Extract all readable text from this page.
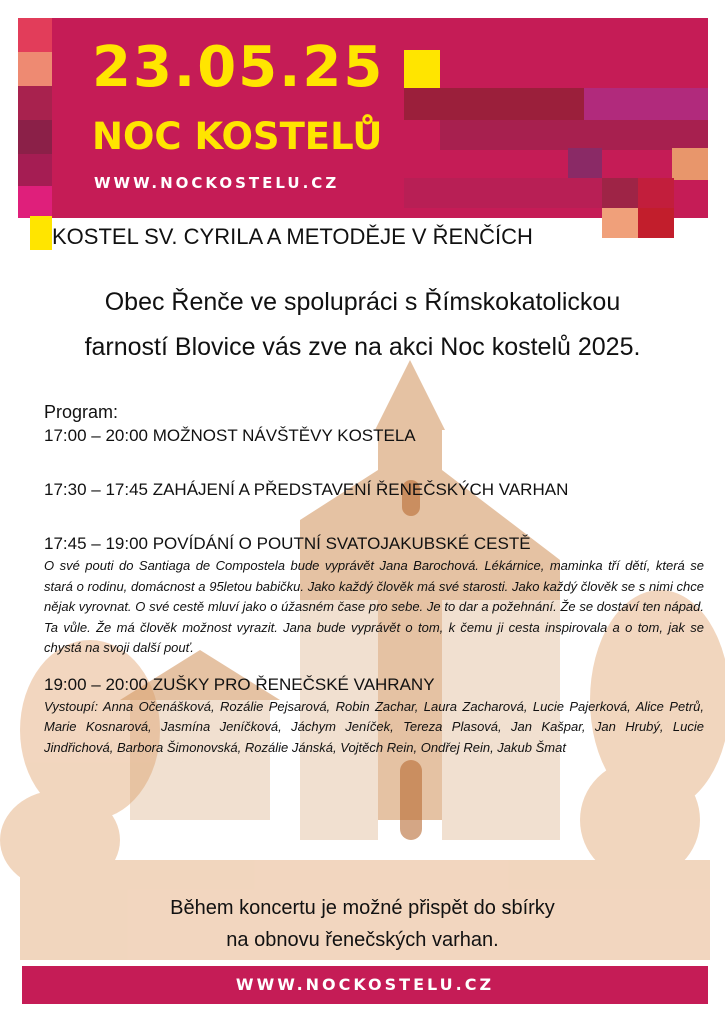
23.05.25
NOC KOSTELŮ
WWW.NOCKOSTELU.CZ
KOSTEL SV. CYRILA A METODĚJE V ŘENČÍCH
Obec Řenče ve spolupráci s Římskokatolickou
farností Blovice vás zve na akci Noc kostelů 2025.
Program:
17:00 – 20:00 MOŽNOST NÁVŠTĚVY KOSTELA
17:30 – 17:45 ZAHÁJENÍ A PŘEDSTAVENÍ ŘENEČSKÝCH VARHAN
17:45 – 19:00 POVÍDÁNÍ O POUTNÍ SVATOJAKUBSKÉ CESTĚ
O své pouti do Santiaga de Compostela bude vyprávět Jana Barochová. Lékárnice, maminka tří dětí, která se stará o rodinu, domácnost a 95letou babičku. Jako každý člověk má své starosti. Jako každý člověk se s nimi chce nějak vyrovnat. O své cestě mluví jako o úžasném čase pro sebe. Je to dar a požehnání. Že se dostaví ten nápad. Ta vůle. Že má člověk možnost vyrazit. Jana bude vyprávět o tom, k čemu ji cesta inspirovala a o tom, jak se chystá na svoji další pouť.
19:00 – 20:00 ZUŠKY PRO ŘENEČSKÉ VAHRANY
Vystoupí: Anna Očenášková, Rozálie Pejsarová, Robin Zachar, Laura Zacharová, Lucie Pajerková, Alice Petrů, Marie Kosnarová, Jasmína Jeníčková, Jáchym Jeníček, Tereza Plasová, Jan Kašpar, Jan Hrubý, Lucie Jindřichová, Barbora Šimonovská, Rozálie Jánská, Vojtěch Rein, Ondřej Rein, Jakub Šmat
Během koncertu je možné přispět do sbírky
na obnovu řenečských varhan.
WWW.NOCKOSTELU.CZ
